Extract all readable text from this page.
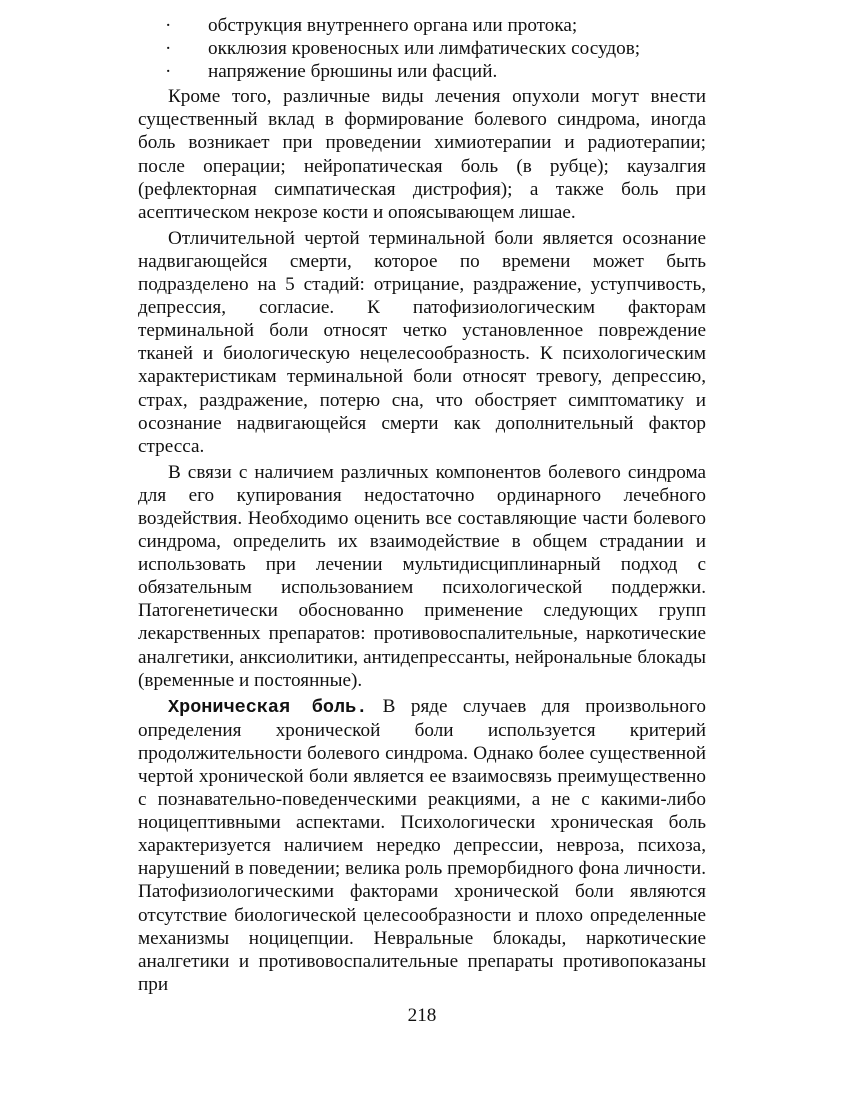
· обструкция внутреннего органа или протока;
· окклюзия кровеносных или лимфатических сосудов;
· напряжение брюшины или фасций.

Кроме того, различные виды лечения опухоли могут внести существенный вклад в формирование болевого синдрома, иногда боль возникает при проведении химиотерапии и радиотерапии; после операции; нейропатическая боль (в рубце); каузалгия (рефлекторная симпатическая дистрофия); а также боль при асептическом некрозе кости и опоясывающем лишае.

Отличительной чертой терминальной боли является осознание надвигающейся смерти, которое по времени может быть подразделено на 5 стадий: отрицание, раздражение, уступчивость, депрессия, согласие. К патофизиологическим факторам терминальной боли относят четко установленное повреждение тканей и биологическую нецелесообразность. К психологическим характеристикам терминальной боли относят тревогу, депрессию, страх, раздражение, потерю сна, что обостряет симптоматику и осознание надвигающейся смерти как дополнительный фактор стресса.

В связи с наличием различных компонентов болевого синдрома для его купирования недостаточно ординарного лечебного воздействия. Необходимо оценить все составляющие части болевого синдрома, определить их взаимодействие в общем страдании и использовать при лечении мультидисциплинарный подход с обязательным использованием психологической поддержки. Патогенетически обоснованно применение следующих групп лекарственных препаратов: противовоспалительные, наркотические аналгетики, анксиолитики, антидепрессанты, нейрональные блокады (временные и постоянные).

Хроническая боль. В ряде случаев для произвольного определения хронической боли используется критерий продолжительности болевого синдрома. Однако более существенной чертой хронической боли является ее взаимосвязь преимущественно с познавательно-поведенческими реакциями, а не с какими-либо ноцицептивными аспектами. Психологически хроническая боль характеризуется наличием нередко депрессии, невроза, психоза, нарушений в поведении; велика роль преморбидного фона личности. Патофизиологическими факторами хронической боли являются отсутствие биологической целесообразности и плохо определенные механизмы ноцицепции. Невральные блокады, наркотические аналгетики и противовоспалительные препараты противопоказаны при

218
